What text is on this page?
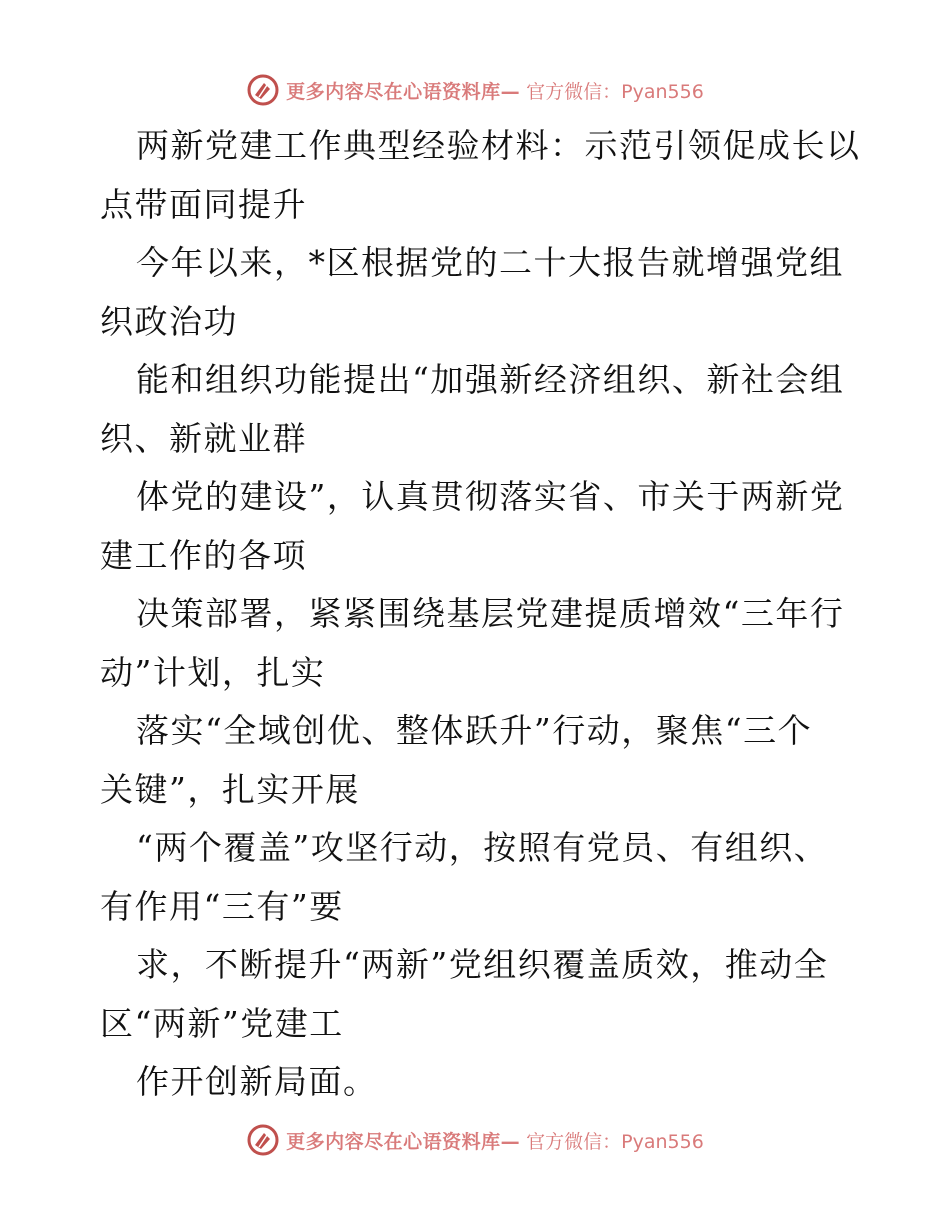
更多内容尽在心语资料库— 官方微信：Pyan556
两新党建工作典型经验材料：示范引领促成长以
点带面同提升
今年以来，*区根据党的二十大报告就增强党组
织政治功
能和组织功能提出“加强新经济组织、新社会组
织、新就业群
体党的建设”，认真贯彻落实省、市关于两新党
建工作的各项
决策部署，紧紧围绕基层党建提质增效“三年行
动”计划，扎实
落实“全域创优、整体跃升”行动，聚焦“三个
关键”，扎实开展
“两个覆盖”攻坚行动，按照有党员、有组织、
有作用“三有”要
求，不断提升“两新”党组织覆盖质效，推动全
区“两新”党建工
作开创新局面。
更多内容尽在心语资料库— 官方微信：Pyan556
